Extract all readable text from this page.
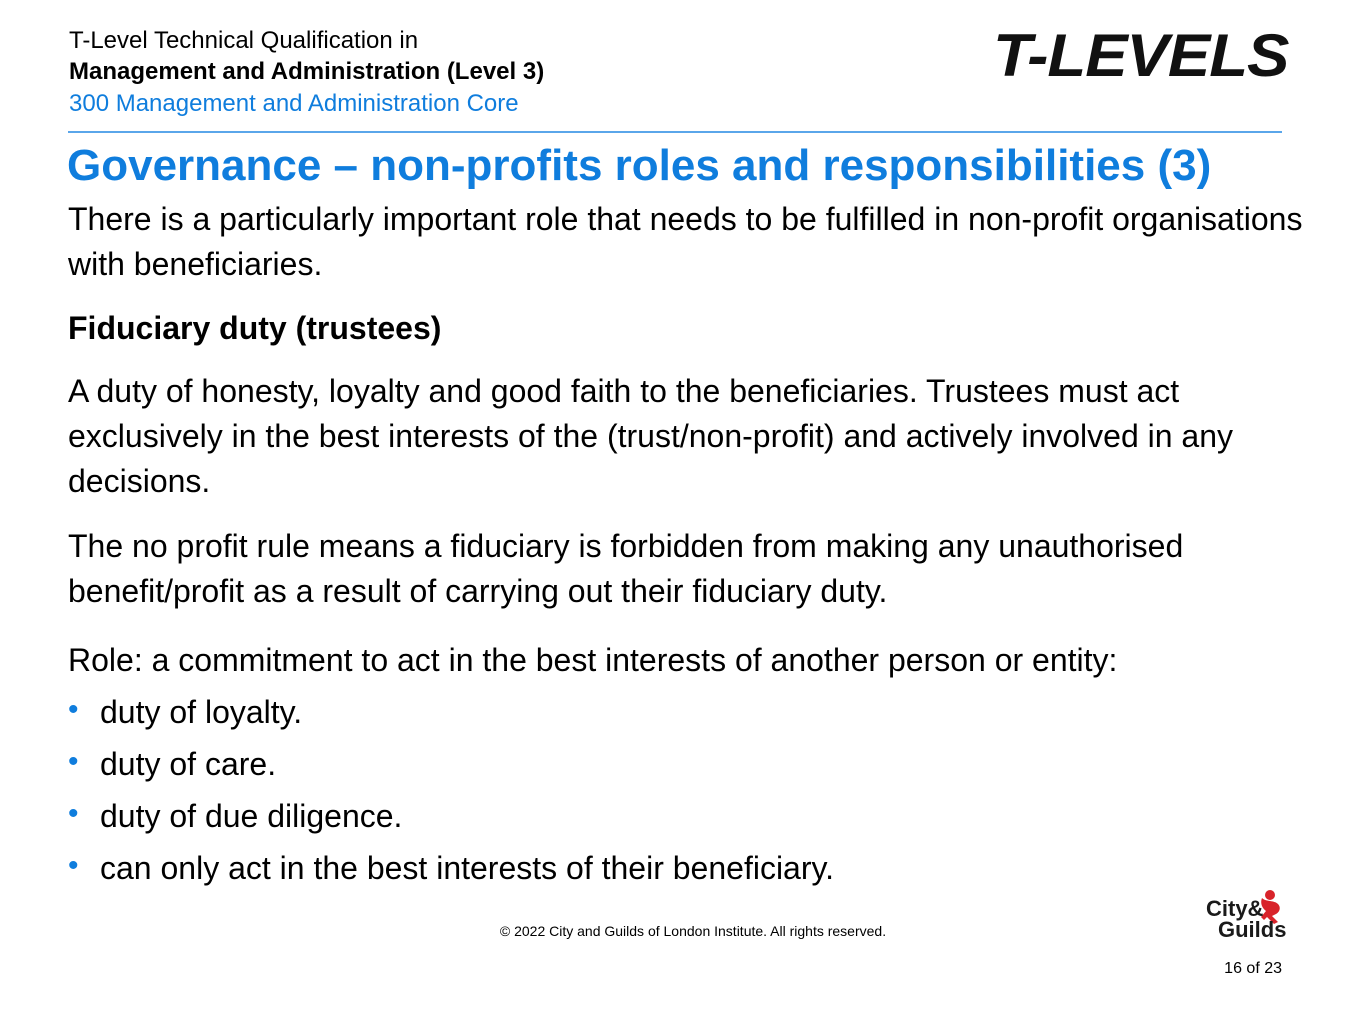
T-Level Technical Qualification in
Management and Administration (Level 3)
300 Management and Administration Core
T-LEVELS
Governance – non-profits roles and responsibilities (3)
There is a particularly important role that needs to be fulfilled in non-profit organisations with beneficiaries.
Fiduciary duty (trustees)
A duty of honesty, loyalty and good faith to the beneficiaries. Trustees must act exclusively in the best interests of the (trust/non-profit) and actively involved in any decisions.
The no profit rule means a fiduciary is forbidden from making any unauthorised benefit/profit as a result of carrying out their fiduciary duty.
Role: a commitment to act in the best interests of another person or entity:
• duty of loyalty.
• duty of care.
• duty of due diligence.
• can only act in the best interests of their beneficiary.
© 2022 City and Guilds of London Institute. All rights reserved.
City&
Guilds
16 of 23
